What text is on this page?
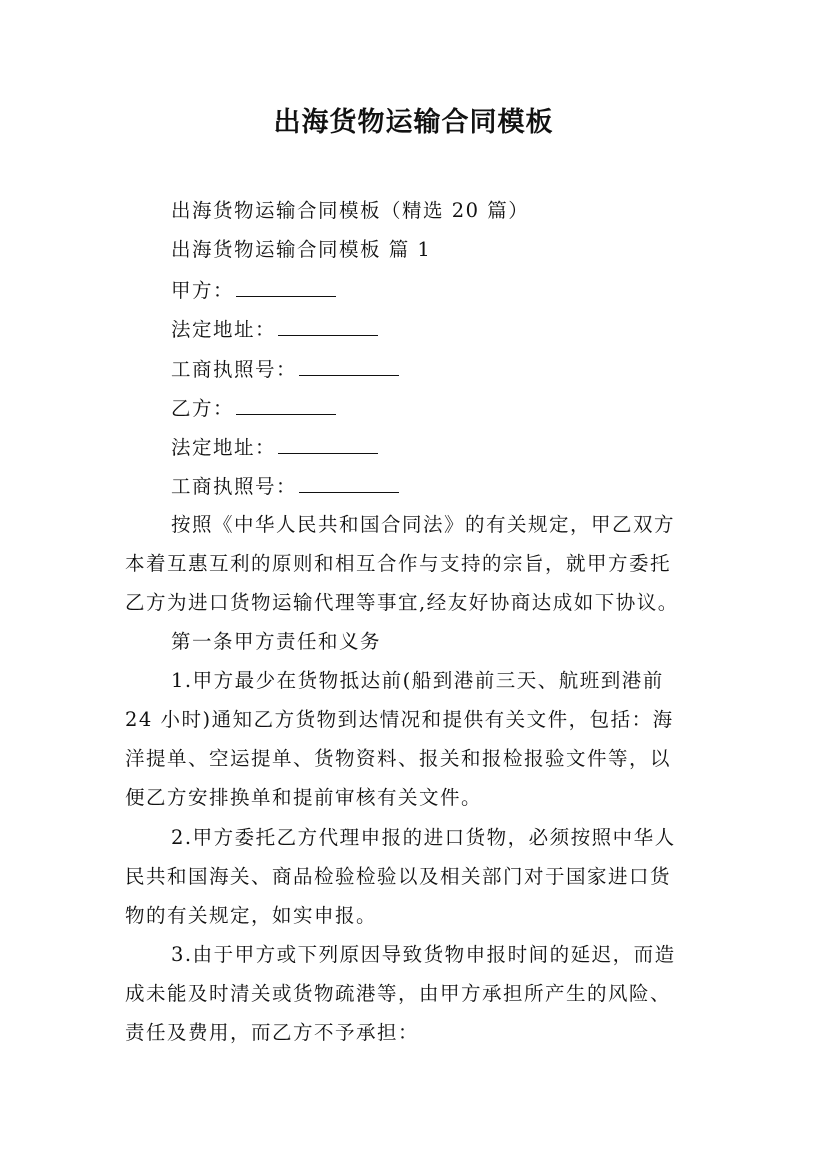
出海货物运输合同模板
出海货物运输合同模板（精选 20 篇）
出海货物运输合同模板 篇 1
甲方：
法定地址：
工商执照号：
乙方：
法定地址：
工商执照号：
按照《中华人民共和国合同法》的有关规定，甲乙双方
本着互惠互利的原则和相互合作与支持的宗旨，就甲方委托
乙方为进口货物运输代理等事宜,经友好协商达成如下协议。
第一条甲方责任和义务
1.甲方最少在货物抵达前(船到港前三天、航班到港前
24 小时)通知乙方货物到达情况和提供有关文件，包括：海
洋提单、空运提单、货物资料、报关和报检报验文件等，以
便乙方安排换单和提前审核有关文件。
2.甲方委托乙方代理申报的进口货物，必须按照中华人
民共和国海关、商品检验检验以及相关部门对于国家进口货
物的有关规定，如实申报。
3.由于甲方或下列原因导致货物申报时间的延迟，而造
成未能及时清关或货物疏港等，由甲方承担所产生的风险、
责任及费用，而乙方不予承担：
